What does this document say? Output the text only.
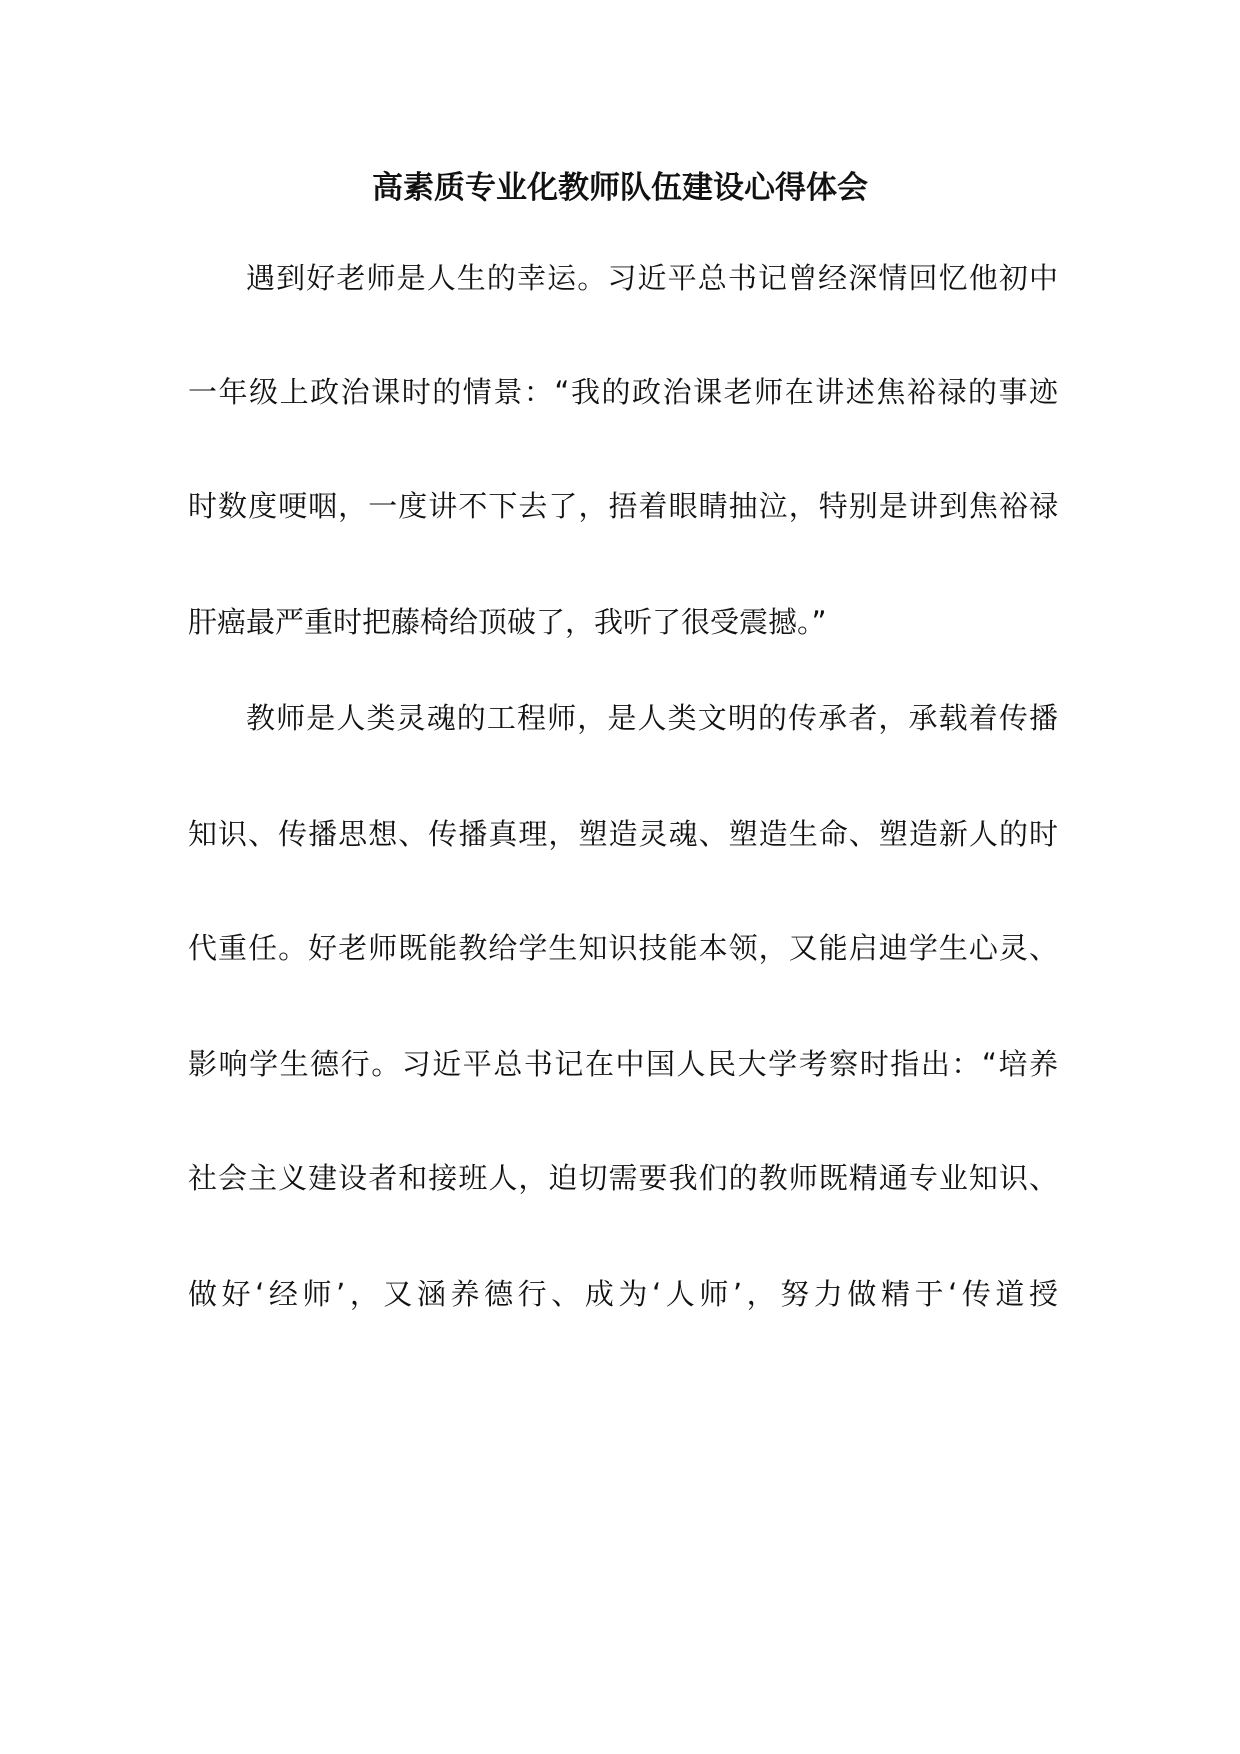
高素质专业化教师队伍建设心得体会
遇到好老师是人生的幸运。习近平总书记曾经深情回忆他初中
一年级上政治课时的情景：“我的政治课老师在讲述焦裕禄的事迹
时数度哽咽，一度讲不下去了，捂着眼睛抽泣，特别是讲到焦裕禄
肝癌最严重时把藤椅给顶破了，我听了很受震撼。”
教师是人类灵魂的工程师，是人类文明的传承者，承载着传播
知识、传播思想、传播真理，塑造灵魂、塑造生命、塑造新人的时
代重任。好老师既能教给学生知识技能本领，又能启迪学生心灵、
影响学生德行。习近平总书记在中国人民大学考察时指出：“培养
社会主义建设者和接班人，迫切需要我们的教师既精通专业知识、
做好‘经师’，又涵养德行、成为‘人师’，努力做精于‘传道授
